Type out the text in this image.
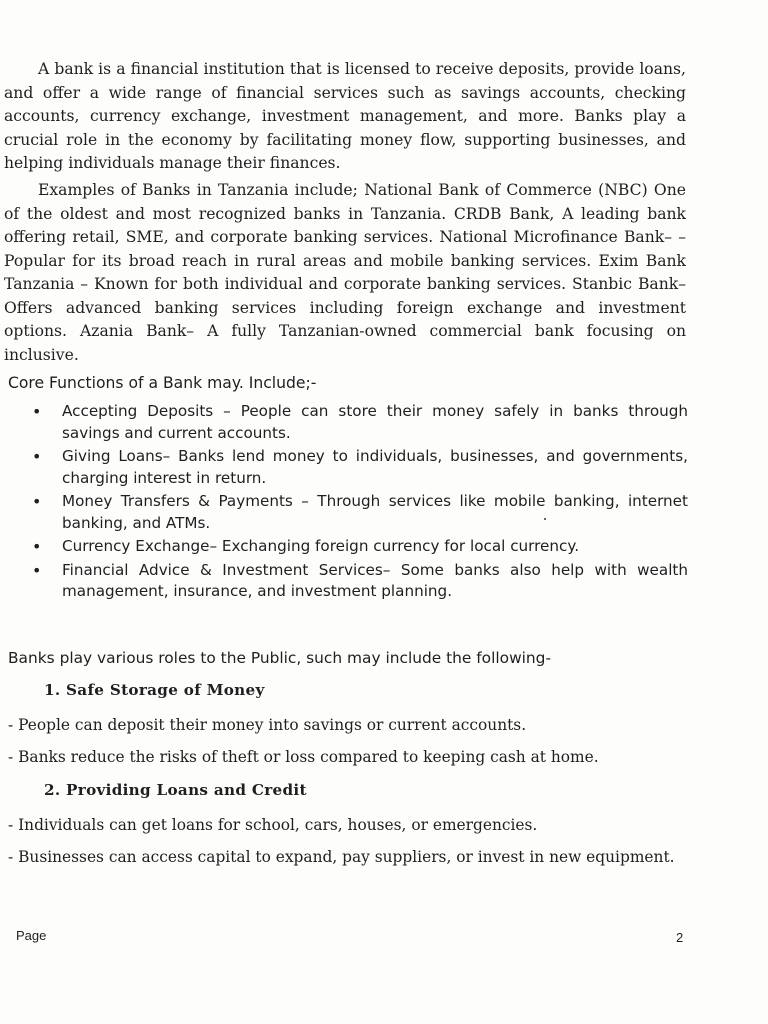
A bank is a financial institution that is licensed to receive deposits, provide loans, and offer a wide range of financial services such as savings accounts, checking accounts, currency exchange, investment management, and more. Banks play a crucial role in the economy by facilitating money flow, supporting businesses, and helping individuals manage their finances.

Examples of Banks in Tanzania include; National Bank of Commerce (NBC) One of the oldest and most recognized banks in Tanzania. CRDB Bank, A leading bank offering retail, SME, and corporate banking services. National Microfinance Bank– – Popular for its broad reach in rural areas and mobile banking services. Exim Bank Tanzania – Known for both individual and corporate banking services. Stanbic Bank– Offers advanced banking services including foreign exchange and investment options. Azania Bank– A fully Tanzanian-owned commercial bank focusing on inclusive.

Core Functions of a Bank may. Include;-

• Accepting Deposits – People can store their money safely in banks through savings and current accounts.
• Giving Loans– Banks lend money to individuals, businesses, and governments, charging interest in return.
• Money Transfers & Payments – Through services like mobile banking, internet banking, and ATMs.
• Currency Exchange– Exchanging foreign currency for local currency.
• Financial Advice & Investment Services– Some banks also help with wealth management, insurance, and investment planning.

Banks play various roles to the Public, such may include the following-

1. Safe Storage of Money

- People can deposit their money into savings or current accounts.

- Banks reduce the risks of theft or loss compared to keeping cash at home.

2. Providing Loans and Credit

- Individuals can get loans for school, cars, houses, or emergencies.

- Businesses can access capital to expand, pay suppliers, or invest in new equipment.

Page	2
